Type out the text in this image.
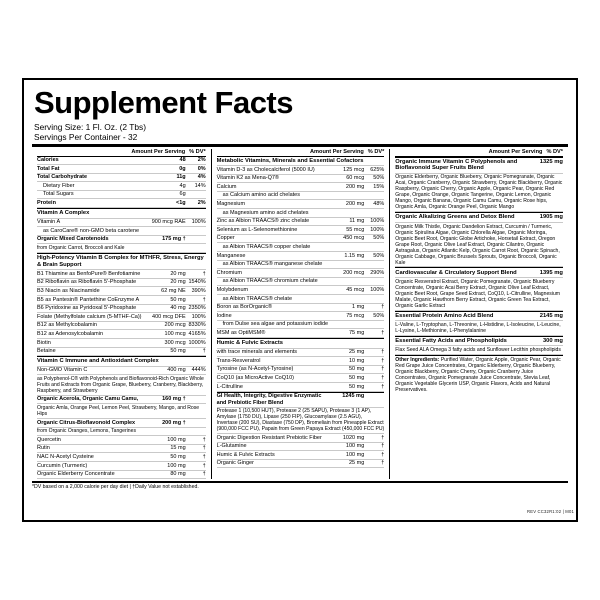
Supplement Facts
Serving Size: 1 Fl. Oz. (2 Tbs)
Servings Per Container - 32
Amount Per Serving % DV*
Calories	48	2%
Total Fat	0g	0%
Total Carbohydrate	11g	4%
Dietary Fiber	4g	14%
Total Sugars	6g
Protein	<1g	2%
Vitamin A Complex
Vitamin A	900 mcg RAE	100%
as CaroCare® non-GMO beta carotene
Organic Mixed Carotenoids	175 mg †
from Organic Carrot, Broccoli and Kale
High-Potency Vitamin B Complex for MTHFR, Stress, Energy & Brain Support
B1 Thiamine as BenfoPure® Benfotiamine	20 mg	†
B2 Riboflavin as Riboflavin 5'-Phosphate	20 mg 1540%
B3 Niacin as Niacinamide	62 mg NE	390%
B5 as Pantesin® Pantethine CoEnzyme A	50 mg	†
B6 Pyridoxine as Pyridoxal 5'-Phosphate	40 mg 2350%
Folate (Methylfolate calcium (5-MTHF-Ca))	400 mcg DFE	100%
B12 as Methylcobalamin	200 mcg 8330%
B12 as Adenosylcobalamin	100 mcg 4165%
Biotin	300 mcg 1000%
Betaine	50 mg	†
Vitamin C Immune and Antioxidant Complex
Non-GMO Vitamin C	400 mg	444%
as Polyphenol-C® with Polyphenols and Bioflavonoid-Rich Organic Whole Fruits and Extracts from Organic Grape, Blueberry, Cranberry, Blackberry, Raspberry, and Strawberry
Organic Acerola, Organic Camu Camu,	160 mg †
Organic Amla, Orange Peel, Lemon Peel, Strawberry, Mango, and Rose Hips
Organic Citrus-Bioflavonoid Complex	200 mg †
from Organic Oranges, Lemons, Tangerines
Quercetin	100 mg	†
Rutin	15 mg	†
NAC N-Acetyl Cysteine	50 mg	†
Curcumin (Turmeric)	100 mg	†
Organic Elderberry Concentrate	80 mg	†
Amount Per Serving % DV*
Metabolic Vitamins, Minerals and Essential Cofactors
Vitamin D-3 as Cholecalciferol (5000 IU)	125 mcg	625%
Vitamin K2 as Mena-Q7®	60 mcg	50%
Calcium	200 mg	15%
as Calcium amino acid chelates
Magnesium	200 mg	48%
as Magnesium amino acid chelates
Zinc as Albion TRAACS® zinc chelate	11 mg	100%
Selenium as L-Selenomethionine	55 mcg	100%
Copper	450 mcg	50%
as Albion TRAACS® copper chelate
Manganese	1.15 mg	50%
as Albion TRAACS® manganese chelate
Chromium	200 mcg	290%
as Albion TRAACS® chromium chelate
Molybdenum	45 mcg	100%
as Albion TRAACS® chelate
Boron as BorOrganic®	1 mg	†
Iodine	75 mcg	50%
from Dulse sea algae and potassium iodide
MSM as OptiMSM®	75 mg	†
Humic & Fulvic Extracts
with trace minerals and elements	25 mg	†
Trans-Resveratrol	10 mg	†
Tyrosine (as N-Acetyl-Tyrosine)	50 mg	†
CoQ10 (as MicroActive CoQ10)	50 mg	†
L-Citrulline	50 mg	†
GI Health, Integrity, Digestive Enzymatic and Prebiotic Fiber Blend
1245 mg
Protease 1 (10,500 HUT), Protease 2 (25 SAPU), Protease 3 (1 AP), Amylase (1750 DU), Lipase (250 FIP), Glucoamylase (2.5 AGU), Invertase (200 SU), Diastase (750 DP), Bromeliain from Pineapple Extract (900,000 FCC PU), Papain from Green Papaya Extract (450,000 FCC PU)
Organic Digestion Resistant Prebiotic Fiber	1020 mg	†
L-Glutamine	100 mg	†
Humic & Fulvic Extracts	100 mg	†
Organic Ginger	25 mg	†
Amount Per Serving % DV*
Organic Immune Vitamin C Polyphenols and Bioflavonoid Super Fruits Blend
1325 mg
Organic Elderberry, Organic Blueberry, Organic Pomegranate, Organic Acai, Organic Cranberry, Organic Strawberry, Organic Blackberry, Organic Raspberry, Organic Cherry, Organic Apple, Organic Pear, Organic Red Grape, Organic Orange, Organic Tangerine, Organic Lemon, Organic Mango, Organic Banana, Organic Camu Camu, Organic Rose hips, Organic Amla, Organic Orange Peel, Organic Mango
Organic Alkalizing Greens and Detox Blend	1905 mg
Organic Milk Thistle, Organic Dandelion Extract, Curcumin / Turmeric, Organic Spirulina Algae, Organic Chlorella Algae, Organic Moringa, Organic Beet Root, Organic Globe Artichoke, Horsetail Extract, Oregon Grape Root, Organic Olive Leaf Extract, Organic Cilantro, Organic Astragalus, Organic Atlantic Kelp, Organic Carrot Root, Organic Spinach, Organic Cabbage, Organic Brussels Sprouts, Organic Broccoli, Organic Kale
Cardiovascular & Circulatory Support Blend	1395 mg
Organic Resveratrol Extract, Organic Pomegranate, Organic Blueberry Concentrate, Organic Acai Berry Extract, Organic Olive Leaf Extract, Organic Beet Root, Grape Seed Extract, CoQ10, L-Citrulline, Magnesium Malate, Organic Hawthorn Berry Extract, Organic Green Tea Extract, Organic Garlic Extract
Essential Protein Amino Acid Blend	2145 mg
L-Valine, L-Tryptophan, L-Threonine, L-Histidine, L-Isoleucine, L-Leucine, L-Lysine, L-Methionine, L-Phenylalanine
Essential Fatty Acids and Phospholipids	300 mg
Flax Seed ALA Omega 3 fatty acids and Sunflower Lecithin phospholipids
Other Ingredients: Purified Water, Organic Apple, Organic Pear, Organic Red Grape Juice Concentrates, Organic Elderberry, Organic Blueberry, Organic Blackberry, Organic Cherry, Organic Cranberry Juice Concentrates, Organic Pomegranate Juice Concentrate, Stevia Leaf, Organic Vegetable Glycerin USP, Organic Flavors, Acids and Natural Preservatives.
*DV based on a 2,000 calorie per day diet | †Daily Value not established.
REV CC32R1:02 | M01
